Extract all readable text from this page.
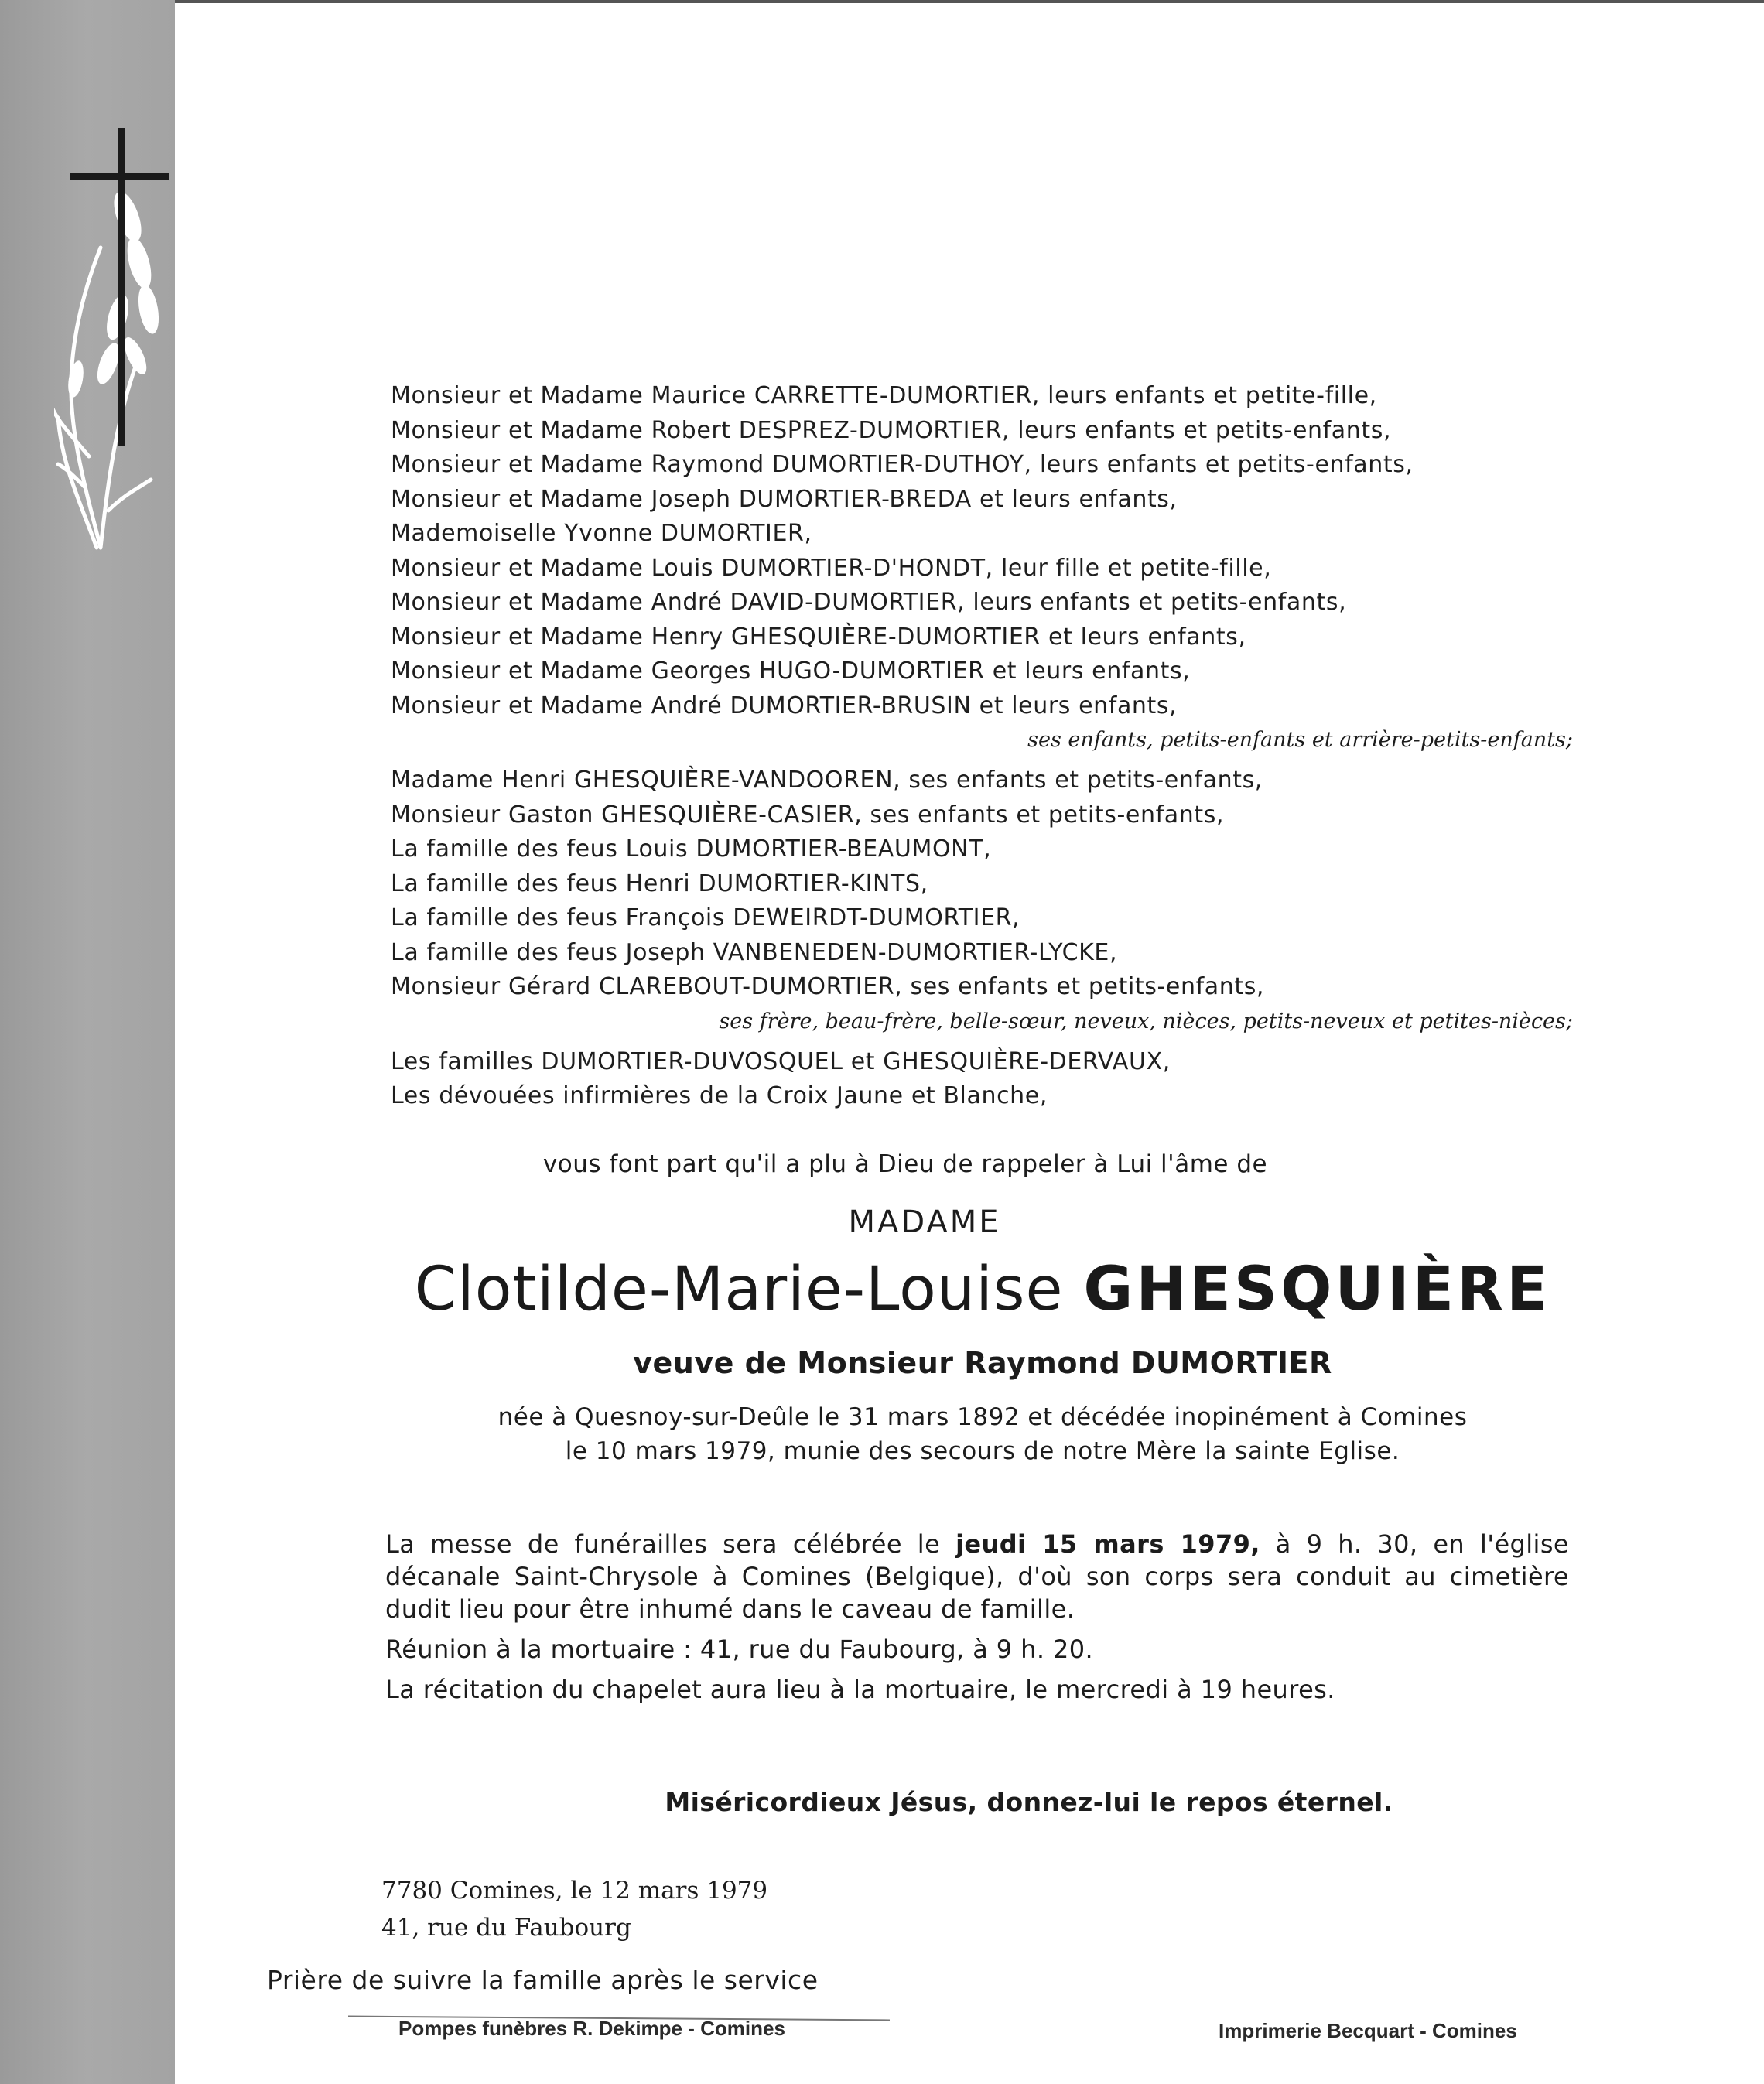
Monsieur et Madame Maurice CARRETTE-DUMORTIER, leurs enfants et petite-fille,
Monsieur et Madame Robert DESPREZ-DUMORTIER, leurs enfants et petits-enfants,
Monsieur et Madame Raymond DUMORTIER-DUTHOY, leurs enfants et petits-enfants,
Monsieur et Madame Joseph DUMORTIER-BREDA et leurs enfants,
Mademoiselle Yvonne DUMORTIER,
Monsieur et Madame Louis DUMORTIER-D'HONDT, leur fille et petite-fille,
Monsieur et Madame André DAVID-DUMORTIER, leurs enfants et petits-enfants,
Monsieur et Madame Henry GHESQUIÈRE-DUMORTIER et leurs enfants,
Monsieur et Madame Georges HUGO-DUMORTIER et leurs enfants,
Monsieur et Madame André DUMORTIER-BRUSIN et leurs enfants,
ses enfants, petits-enfants et arrière-petits-enfants;
Madame Henri GHESQUIÈRE-VANDOOREN, ses enfants et petits-enfants,
Monsieur Gaston GHESQUIÈRE-CASIER, ses enfants et petits-enfants,
La famille des feus Louis DUMORTIER-BEAUMONT,
La famille des feus Henri DUMORTIER-KINTS,
La famille des feus François DEWEIRDT-DUMORTIER,
La famille des feus Joseph VANBENEDEN-DUMORTIER-LYCKE,
Monsieur Gérard CLAREBOUT-DUMORTIER, ses enfants et petits-enfants,
ses frère, beau-frère, belle-sœur, neveux, nièces, petits-neveux et petites-nièces;
Les familles DUMORTIER-DUVOSQUEL et GHESQUIÈRE-DERVAUX,
Les dévouées infirmières de la Croix Jaune et Blanche,
vous font part qu'il a plu à Dieu de rappeler à Lui l'âme de
MADAME
Clotilde-Marie-Louise GHESQUIÈRE
veuve de Monsieur Raymond DUMORTIER
née à Quesnoy-sur-Deûle le 31 mars 1892 et décédée inopinément à Comines
le 10 mars 1979, munie des secours de notre Mère la sainte Eglise.

La messe de funérailles sera célébrée le jeudi 15 mars 1979, à 9 h. 30, en l'église décanale Saint-Chrysole à Comines (Belgique), d'où son corps sera conduit au cimetière dudit lieu pour être inhumé dans le caveau de famille.

Réunion à la mortuaire : 41, rue du Faubourg, à 9 h. 20.

La récitation du chapelet aura lieu à la mortuaire, le mercredi à 19 heures.

Miséricordieux Jésus, donnez-lui le repos éternel.
7780 Comines, le 12 mars 1979
41, rue du Faubourg
Prière de suivre la famille après le service
Pompes funèbres R. Dekimpe - Comines	Imprimerie Becquart - Comines
